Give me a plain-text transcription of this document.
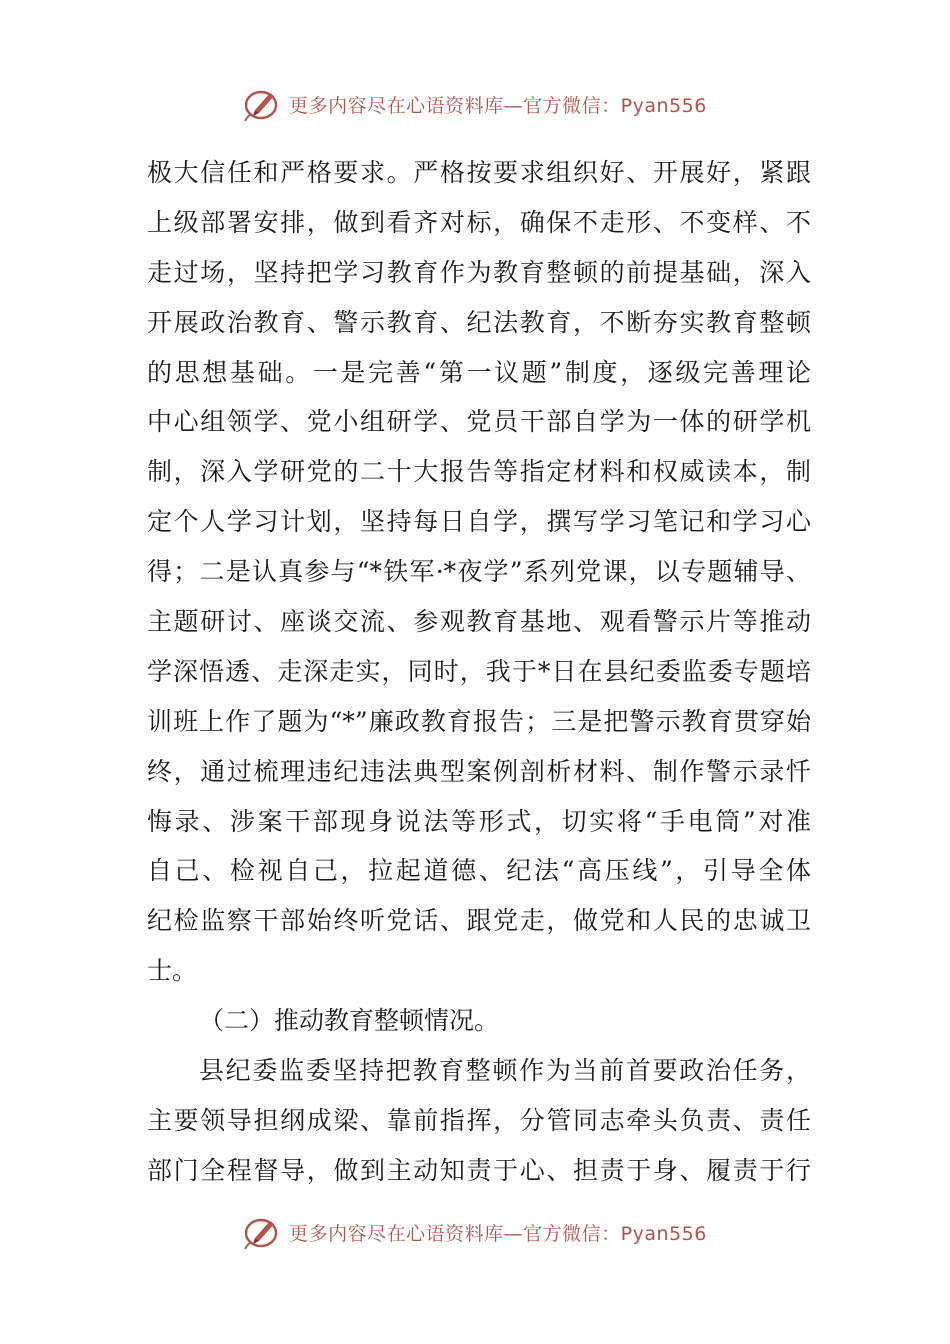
更多内容尽在心语资料库—官方微信：Pyan556
极大信任和严格要求。严格按要求组织好、开展好，紧跟
上级部署安排，做到看齐对标，确保不走形、不变样、不
走过场，坚持把学习教育作为教育整顿的前提基础，深入
开展政治教育、警示教育、纪法教育，不断夯实教育整顿
的思想基础。一是完善“第一议题”制度，逐级完善理论
中心组领学、党小组研学、党员干部自学为一体的研学机
制，深入学研党的二十大报告等指定材料和权威读本，制
定个人学习计划，坚持每日自学，撰写学习笔记和学习心
得；二是认真参与“*铁军·*夜学”系列党课，以专题辅导、
主题研讨、座谈交流、参观教育基地、观看警示片等推动
学深悟透、走深走实，同时，我于*日在县纪委监委专题培
训班上作了题为“*”廉政教育报告；三是把警示教育贯穿始
终，通过梳理违纪违法典型案例剖析材料、制作警示录忏
悔录、涉案干部现身说法等形式，切实将“手电筒”对准
自己、检视自己，拉起道德、纪法“高压线”，引导全体
纪检监察干部始终听党话、跟党走，做党和人民的忠诚卫
士。
（二）推动教育整顿情况。
县纪委监委坚持把教育整顿作为当前首要政治任务，
主要领导担纲成梁、靠前指挥，分管同志牵头负责、责任
部门全程督导，做到主动知责于心、担责于身、履责于行
更多内容尽在心语资料库—官方微信：Pyan556
